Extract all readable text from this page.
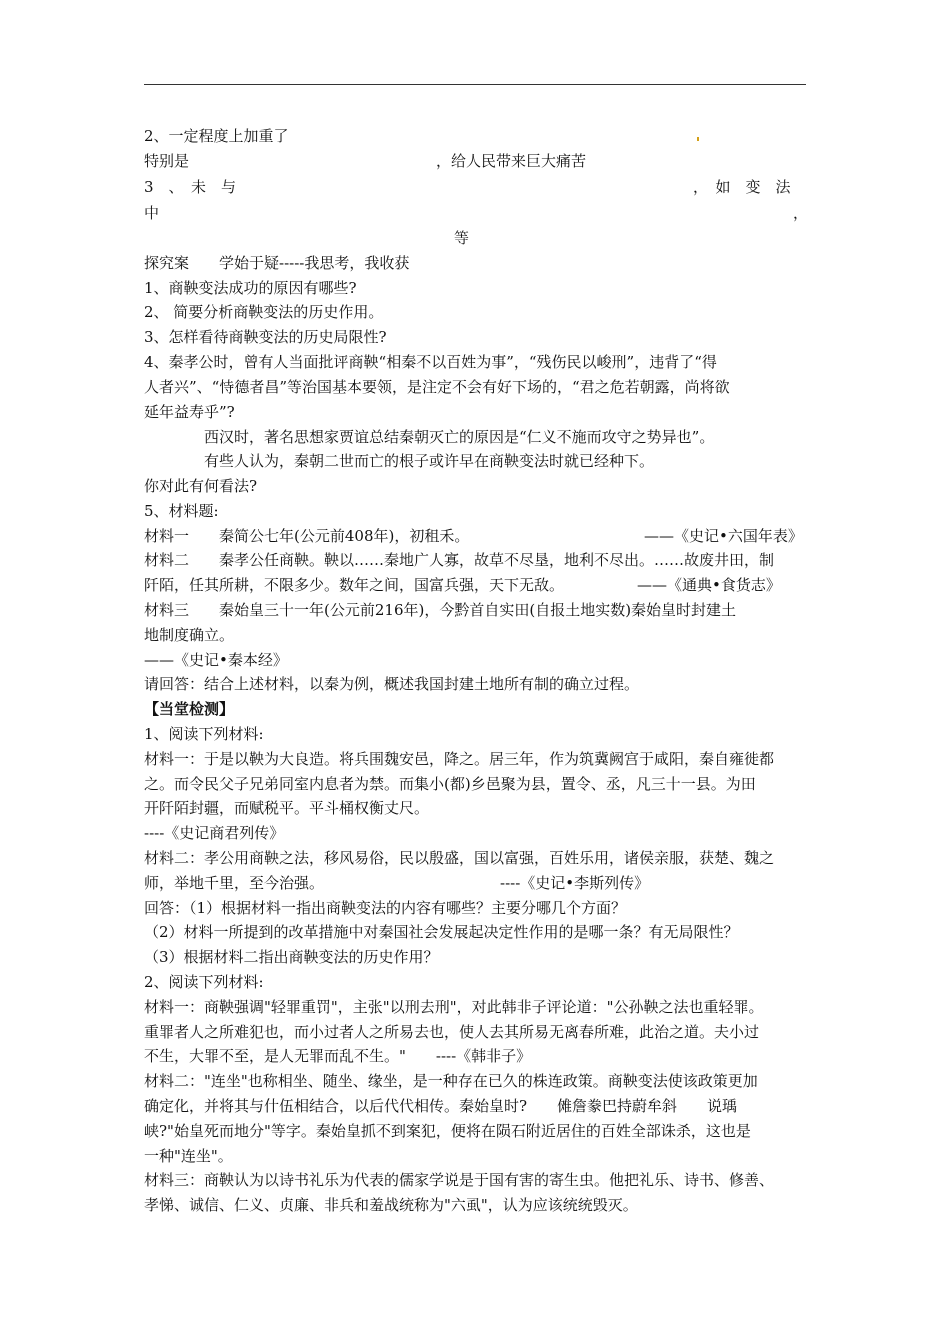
2、一定程度上加重了
特别是	，给人民带来巨大痛苦
3　、　未　与	，　如　变　法
中	，
等
探究案　　学始于疑-----我思考，我收获
1、商鞅变法成功的原因有哪些?
2、 简要分析商鞅变法的历史作用。
3、怎样看待商鞅变法的历史局限性?
4、秦孝公时，曾有人当面批评商鞅“相秦不以百姓为事”，“残伤民以峻刑”，违背了“得
人者兴”、“恃德者昌”等治国基本要领，是注定不会有好下场的，“君之危若朝露，尚将欲
延年益寿乎”?
西汉时，著名思想家贾谊总结秦朝灭亡的原因是“仁义不施而攻守之势异也”。
有些人认为，秦朝二世而亡的根子或许早在商鞅变法时就已经种下。
你对此有何看法?
5、材料题:
材料一　　秦简公七年(公元前408年)，初租禾。	——《史记•六国年表》
材料二　　秦孝公任商鞅。鞅以……秦地广人寡，故草不尽垦，地利不尽出。……故废井田，制
阡陌，任其所耕，不限多少。数年之间，国富兵强，天下无敌。	——《通典•食货志》
材料三　　秦始皇三十一年(公元前216年)，今黔首自实田(自报土地实数)秦始皇时封建土
地制度确立。
——《史记•秦本经》
请回答：结合上述材料，以秦为例，概述我国封建土地所有制的确立过程。
【当堂检测】
1、阅读下列材料:
材料一：于是以鞅为大良造。将兵围魏安邑，降之。居三年，作为筑冀阙宫于咸阳，秦自雍徙都
之。而令民父子兄弟同室内息者为禁。而集小(都)乡邑聚为县，置令、丞，凡三十一县。为田
开阡陌封疆，而赋税平。平斗桶权衡丈尺。
----《史记商君列传》
材料二：孝公用商鞅之法，移风易俗，民以殷盛，国以富强，百姓乐用，诸侯亲服，获楚、魏之
师，举地千里，至今治强。	----《史记•李斯列传》
回答：（1）根据材料一指出商鞅变法的内容有哪些？主要分哪几个方面？
（2）材料一所提到的改革措施中对秦国社会发展起决定性作用的是哪一条？有无局限性？
（3）根据材料二指出商鞅变法的历史作用？
2、阅读下列材料:
材料一：商鞅强调"轻罪重罚"，主张"以刑去刑"，对此韩非子评论道："公孙鞅之法也重轻罪。
重罪者人之所难犯也，而小过者人之所易去也，使人去其所易无离春所难，此治之道。夫小过
不生，大罪不至，是人无罪而乱不生。"　　----《韩非子》
材料二："连坐"也称相坐、随坐、缘坐，是一种存在已久的株连政策。商鞅变法使该政策更加
确定化，并将其与什伍相结合，以后代代相传。秦始皇时?　　傩詹豢巴持蔚牟斜　　说瑀
峡?"始皇死而地分"等字。秦始皇抓不到案犯，便将在陨石附近居住的百姓全部诛杀，这也是
一种"连坐"。
材料三：商鞅认为以诗书礼乐为代表的儒家学说是于国有害的寄生虫。他把礼乐、诗书、修善、
孝悌、诚信、仁义、贞廉、非兵和羞战统称为"六虱"，认为应该统统毁灭。
